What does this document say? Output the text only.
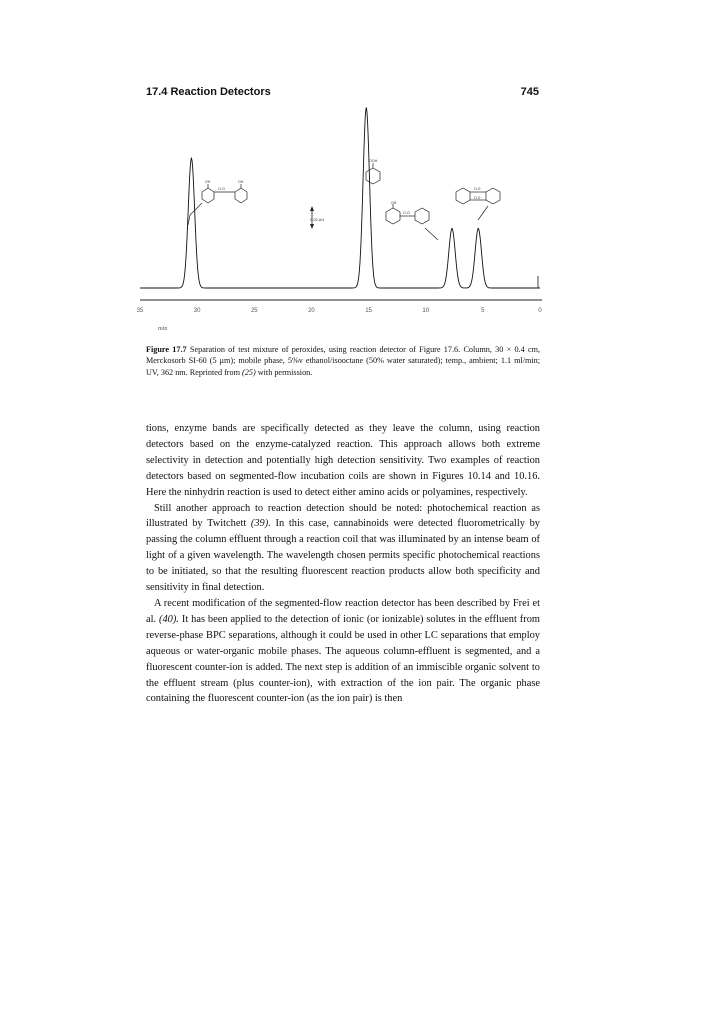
17.4 Reaction Detectors	745
35	30	25	20	15	10	5	0
0.02 AU
OH	OH
O-O
OOH
OH
O-O
O-O
O-O
min
Figure 17.7 Separation of test mixture of peroxides, using reaction detector of Figure 17.6. Column, 30 × 0.4 cm, Merckosorb SI-60 (5 μm); mobile phase, 5%v ethanol/isooctane (50% water saturated); temp., ambient; 1.1 ml/min; UV, 362 nm. Reprinted from (25) with permission.

tions, enzyme bands are specifically detected as they leave the column, using reaction detectors based on the enzyme-catalyzed reaction. This approach allows both extreme selectivity in detection and potentially high detection sensitivity. Two examples of reaction detectors based on segmented-flow incubation coils are shown in Figures 10.14 and 10.16. Here the ninhydrin reaction is used to detect either amino acids or polyamines, respectively.

Still another approach to reaction detection should be noted: photochemical reaction as illustrated by Twitchett (39). In this case, cannabinoids were detected fluorometrically by passing the column effluent through a reaction coil that was illuminated by an intense beam of light of a given wavelength. The wavelength chosen permits specific photochemical reactions to be initiated, so that the resulting fluorescent reaction products allow both specificity and sensitivity in final detection.

A recent modification of the segmented-flow reaction detector has been described by Frei et al. (40). It has been applied to the detection of ionic (or ionizable) solutes in the effluent from reverse-phase BPC separations, although it could be used in other LC separations that employ aqueous or water-organic mobile phases. The aqueous column-effluent is segmented, and a fluorescent counter-ion is added. The next step is addition of an immiscible organic solvent to the effluent stream (plus counter-ion), with extraction of the ion pair. The organic phase containing the fluorescent counter-ion (as the ion pair) is then
